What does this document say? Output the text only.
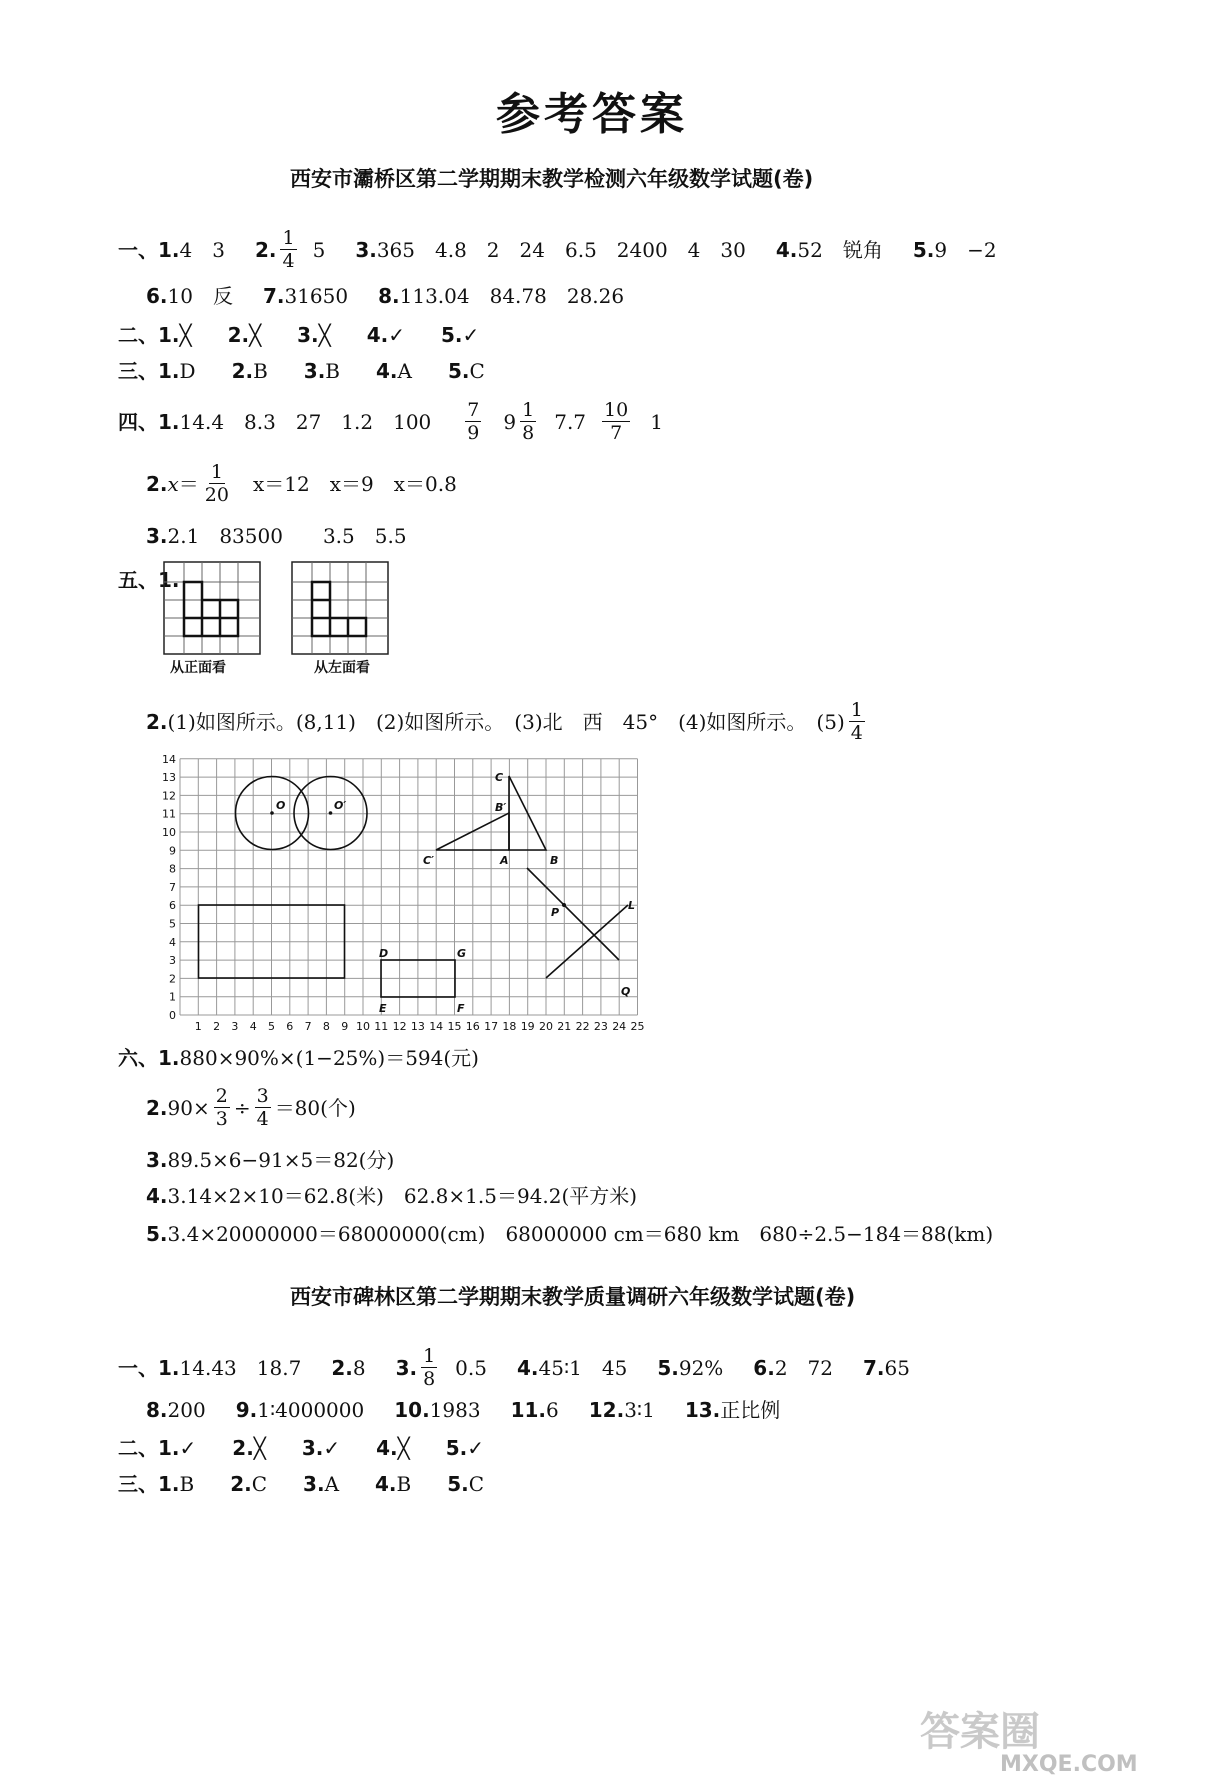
参考答案
西安市灞桥区第二学期期末教学检测六年级数学试题(卷)
一、 1. 4　3 2. $\frac{1}{4} 5$ 3. 365　4.8　2　24　6.5　2400　4　30 4. 52　锐角 5. 9　−2
6. 10　反 7. 31650 8. 113.04　84.78　28.26
二、 1.╳ 2.╳ 3.╳ 4.✓ 5.✓
三、 1.D 2.B 3.B 4.A 5.C
四、 1. 14.4　8.3　27　1.2　$100 \frac{7}{9} 9 \frac{1}{8} 7.7 \frac{10}{7} 1$
2. $x = \frac{1}{20} x=12$　x＝9　x＝0.8
3. 2.1　83500　　3.5　5.5
五、 1.
从正面看	从左面看
2. (1)如图所示。(8,11)　(2)如图所示。　(3)北　西　45°　(4)如图所示。　$(5) \frac{1}{4}$
1 2 3 4 5 6 7 8 9 10 11 12 13 14 15 16 17 18 19 20 21 22 23 24 25
0
1
2
3
4
5
6
7
8
9
10
11
12
13
14
O	O′
C
B′
C′	A	B
P
L
Q
D	G
E	F
六、 1. 880×90%×(1−25%)＝594(元)
2. $90\times \frac{2}{3} \div \frac{3}{4} =80$(个)
3. 89.5×6−91×5＝82(分)
4. 3.14×2×10＝62.8(米)　62.8×1.5＝94.2(平方米)
5. 3.4×20000000＝68000000(cm)　68000000 cm＝680 km　680÷2.5−184＝88(km)
西安市碑林区第二学期期末教学质量调研六年级数学试题(卷)
一、 1. 14.43　18.7 2. 8 3. $\frac{1}{8} 0.5$ 4. 45∶1　45 5. 92% 6. 2　72 7. 65
8. 200 9. 1∶4000000 10. 1983 11. 6 12. 3∶1 13. 正比例
二、 1.✓ 2.╳ 3.✓ 4.╳ 5.✓
三、 1.B 2.C 3.A 4.B 5.C
答案圈
MXQE.COM
